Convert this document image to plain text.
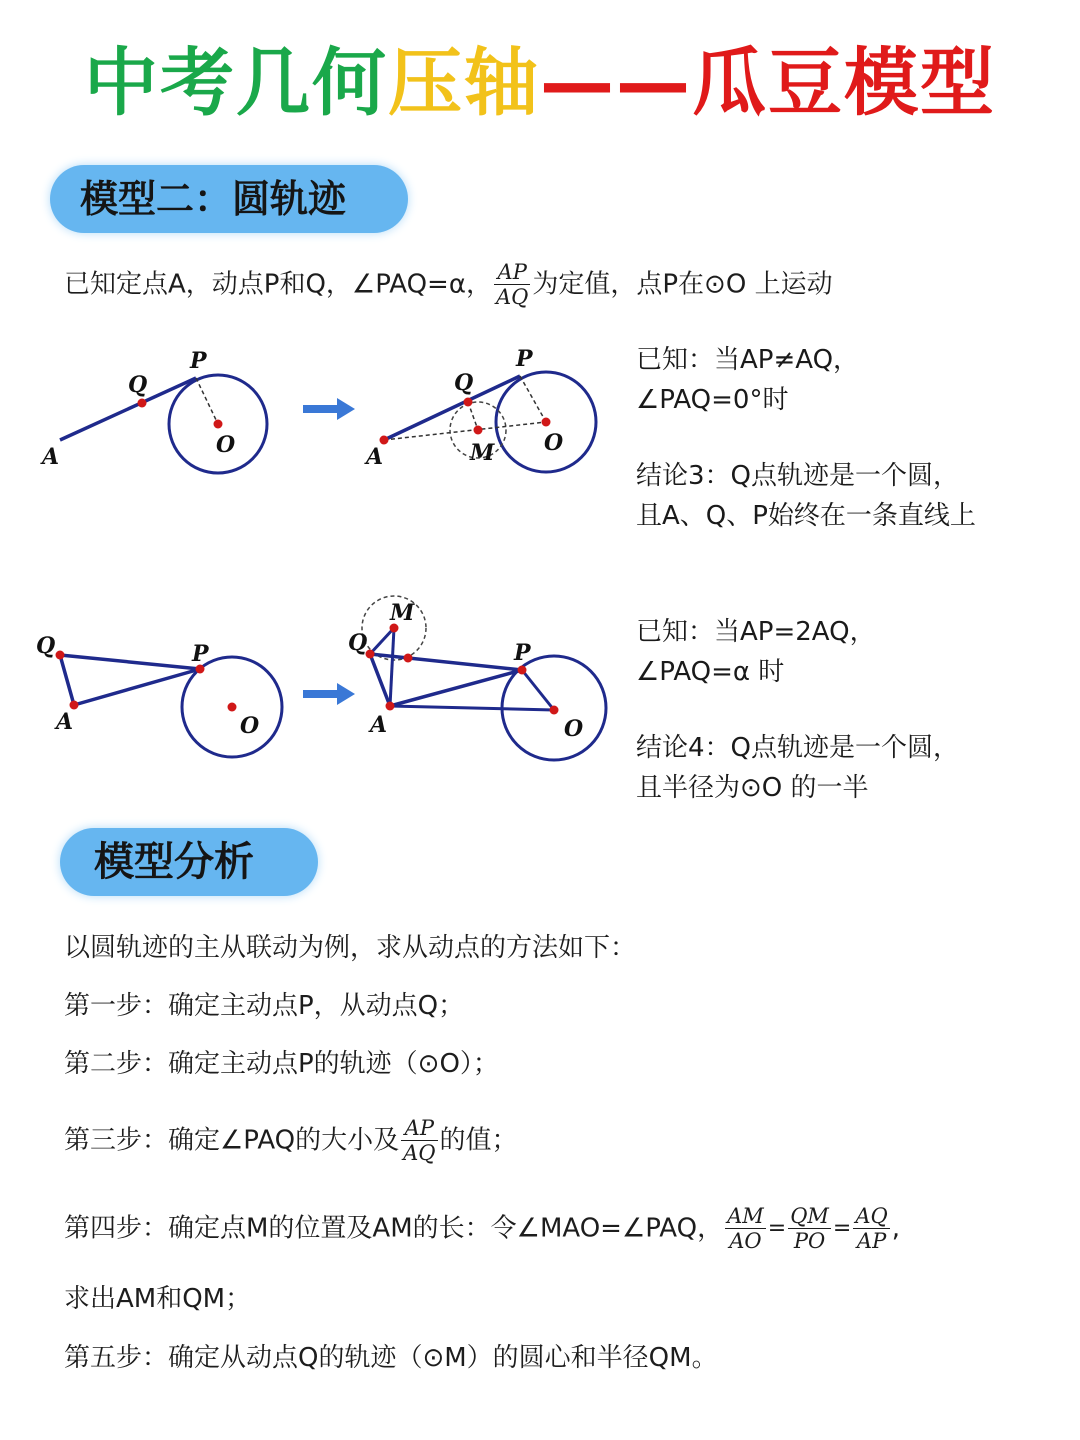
中考几何压轴——瓜豆模型
模型二：圆轨迹
已知定点A，动点P和Q，∠PAQ=α， $\frac{AP}{AQ}$ 为定值，点P在⊙O 上运动
P
Q
A	O
P
Q
A	M O
已知：当AP≠AQ，
∠PAQ=0°时
结论3：Q点轨迹是一个圆，
且A、Q、P始终在一条直线上
Q	P
A	O
M
Q	P
A	O
已知：当AP=2AQ，
∠PAQ=α 时
结论4：Q点轨迹是一个圆，
且半径为⊙O 的一半
模型分析
以圆轨迹的主从联动为例，求从动点的方法如下：
第一步：确定主动点P，从动点Q；
第二步：确定主动点P的轨迹（⊙O）；
第三步：确定∠PAQ的大小及 $\frac{AP}{AQ}$ 的值；
第四步：确定点M的位置及AM的长：令∠MAO=∠PAQ， $\frac{AM}{AO} = \frac{QM}{PO} = \frac{AQ}{AP}$ ,
求出AM和QM；
第五步：确定从动点Q的轨迹（⊙M）的圆心和半径QM。
